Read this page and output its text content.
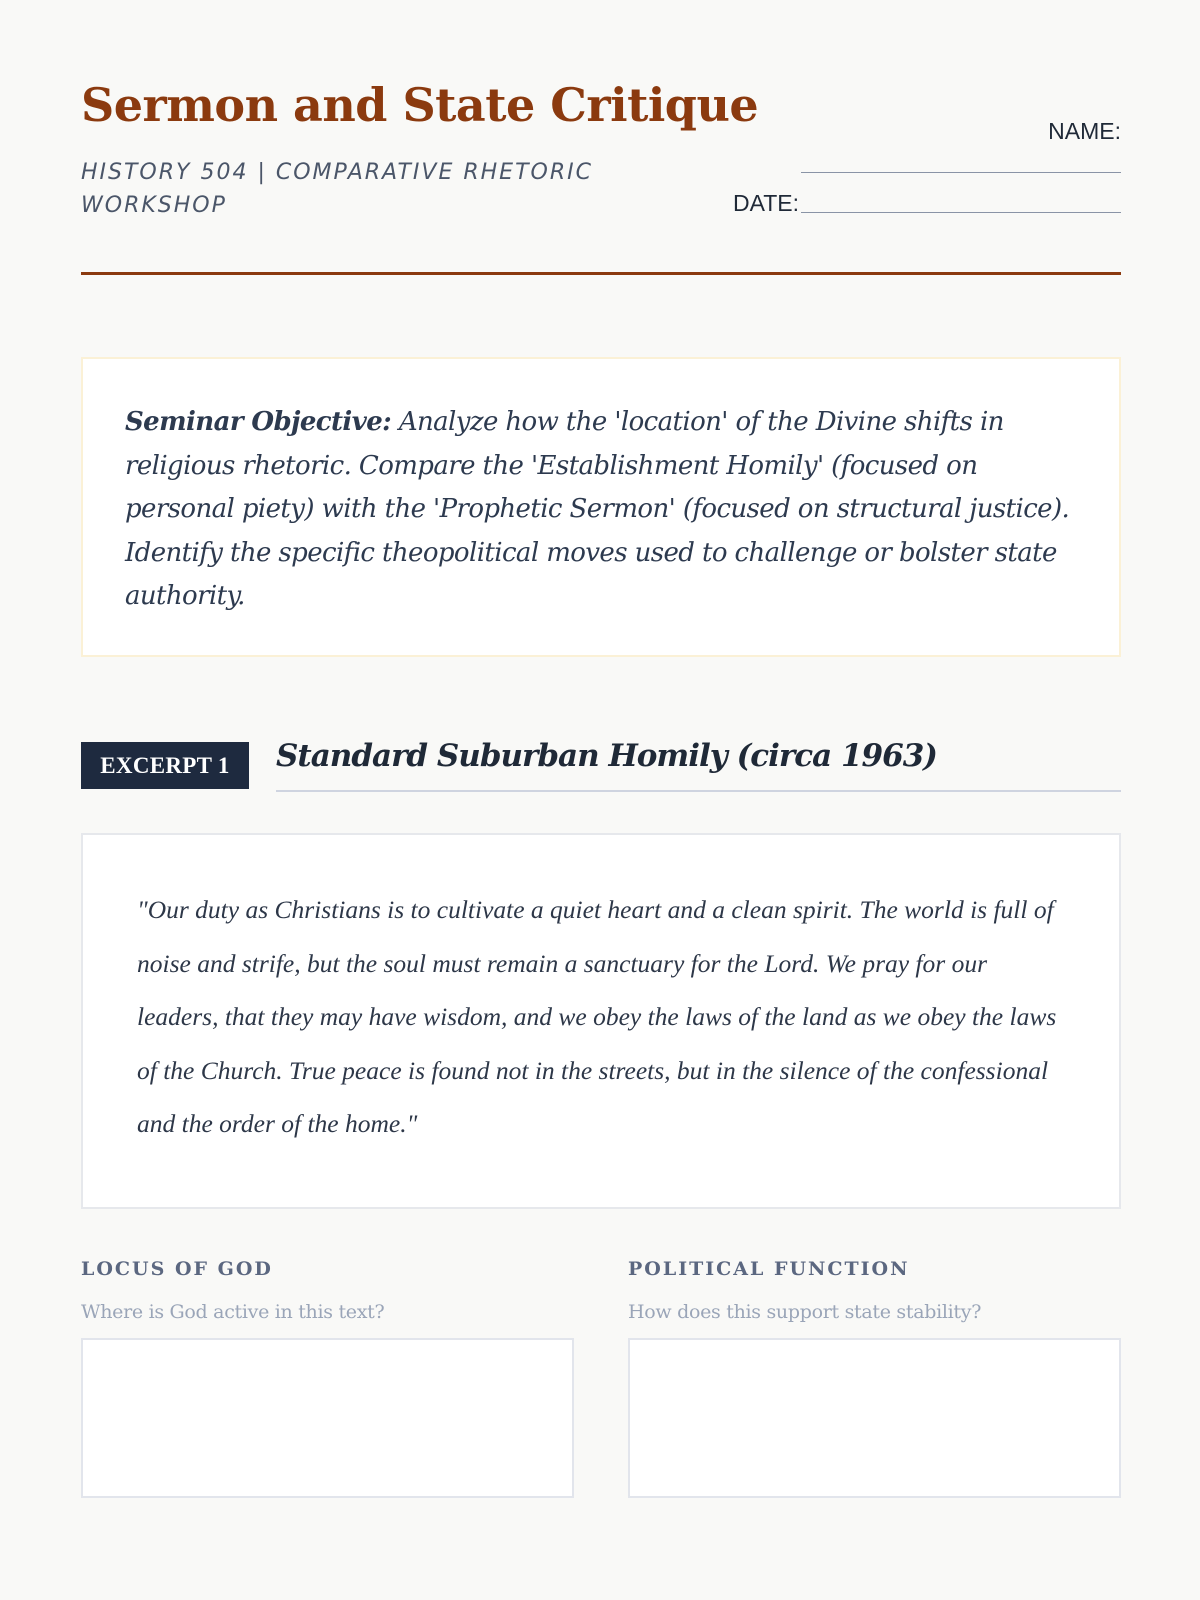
Sermon and State Critique
HISTORY 504 | COMPARATIVE RHETORIC WORKSHOP
NAME:
DATE:
Seminar Objective: Analyze how the 'location' of the Divine shifts in religious rhetoric. Compare the 'Establishment Homily' (focused on personal piety) with the 'Prophetic Sermon' (focused on structural justice). Identify the specific theopolitical moves used to challenge or bolster state authority.
EXCERPT 1	Standard Suburban Homily (circa 1963)

"Our duty as Christians is to cultivate a quiet heart and a clean spirit. The world is full of noise and strife, but the soul must remain a sanctuary for the Lord. We pray for our leaders, that they may have wisdom, and we obey the laws of the land as we obey the laws of the Church. True peace is found not in the streets, but in the silence of the confessional and the order of the home."

LOCUS OF GOD
Where is God active in this text?
POLITICAL FUNCTION
How does this support state stability?
